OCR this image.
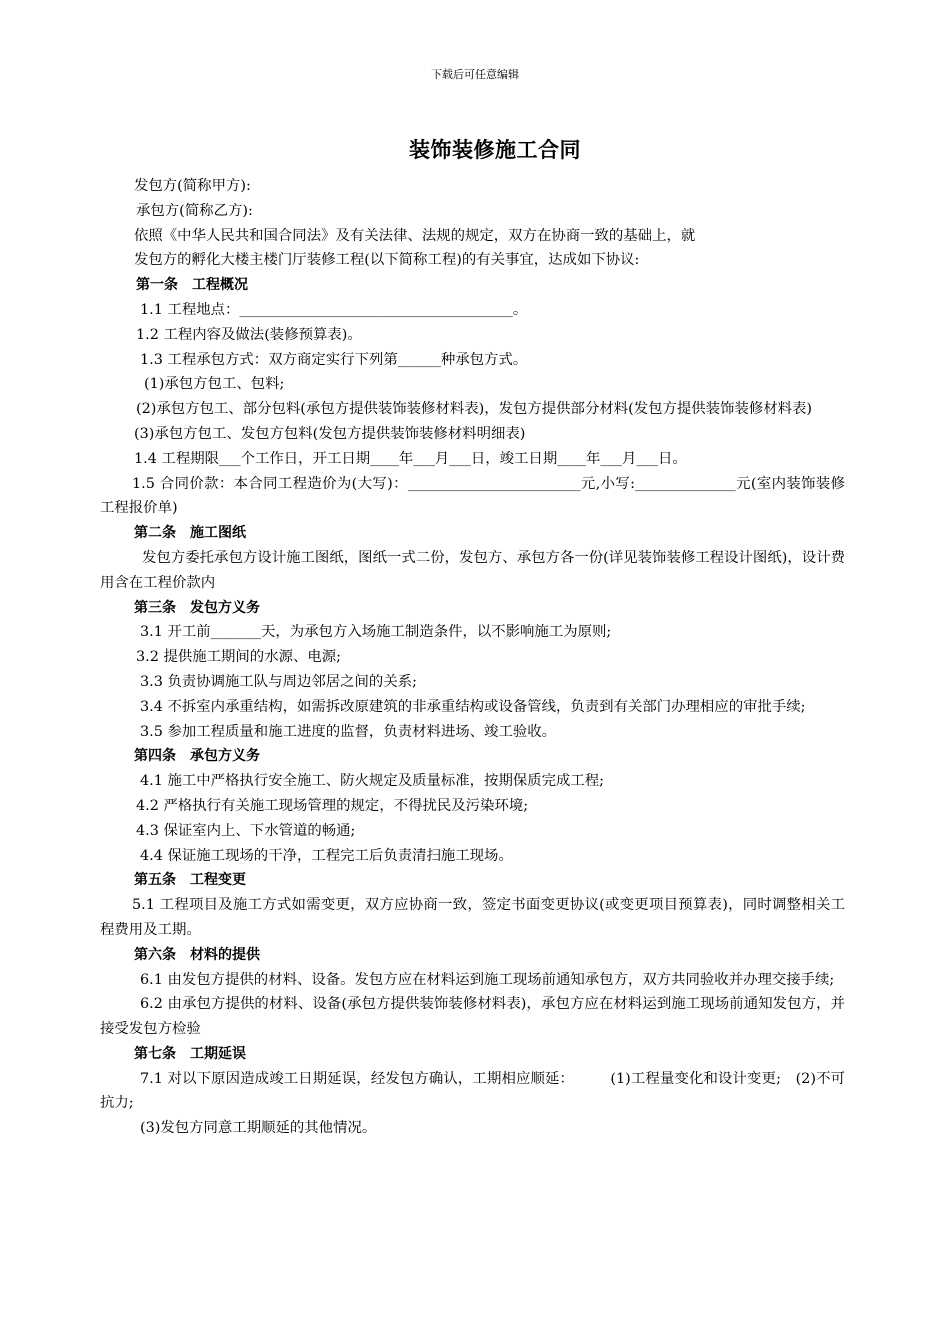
下载后可任意编辑
装饰装修施工合同

发包方(简称甲方):

承包方(简称乙方):

依照《中华人民共和国合同法》及有关法律、法规的规定，双方在协商一致的基础上，就

发包方的孵化大楼主楼门厅装修工程(以下简称工程)的有关事宜，达成如下协议:

第一条　工程概况

1.1 工程地点：______________________________________。

1.2 工程内容及做法(装修预算表)。

1.3 工程承包方式：双方商定实行下列第______种承包方式。

(1)承包方包工、包料;

(2)承包方包工、部分包料(承包方提供装饰装修材料表)，发包方提供部分材料(发包方提供装饰装修材料表)

(3)承包方包工、发包方包料(发包方提供装饰装修材料明细表)

1.4 工程期限___个工作日，开工日期____年___月___日，竣工日期____年___月___日。

1.5 合同价款：本合同工程造价为(大写)：________________________元,小写:______________元(室内装饰装修工程报价单)

第二条　施工图纸

发包方委托承包方设计施工图纸，图纸一式二份，发包方、承包方各一份(详见装饰装修工程设计图纸)，设计费用含在工程价款内

第三条　发包方义务

3.1 开工前_______天，为承包方入场施工制造条件，以不影响施工为原则;

3.2 提供施工期间的水源、电源;

3.3 负责协调施工队与周边邻居之间的关系;

3.4 不拆室内承重结构，如需拆改原建筑的非承重结构或设备管线，负责到有关部门办理相应的审批手续;

3.5 参加工程质量和施工进度的监督，负责材料进场、竣工验收。

第四条　承包方义务

4.1 施工中严格执行安全施工、防火规定及质量标准，按期保质完成工程;

4.2 严格执行有关施工现场管理的规定，不得扰民及污染环境;

4.3 保证室内上、下水管道的畅通;

4.4 保证施工现场的干净，工程完工后负责清扫施工现场。

第五条　工程变更

5.1 工程项目及施工方式如需变更，双方应协商一致，签定书面变更协议(或变更项目预算表)，同时调整相关工程费用及工期。

第六条　材料的提供

6.1 由发包方提供的材料、设备。发包方应在材料运到施工现场前通知承包方，双方共同验收并办理交接手续;

6.2 由承包方提供的材料、设备(承包方提供装饰装修材料表)，承包方应在材料运到施工现场前通知发包方，并接受发包方检验

第七条　工期延误

7.1 对以下原因造成竣工日期延误，经发包方确认，工期相应顺延：　　　(1)工程量变化和设计变更;　(2)不可抗力;

(3)发包方同意工期顺延的其他情况。
